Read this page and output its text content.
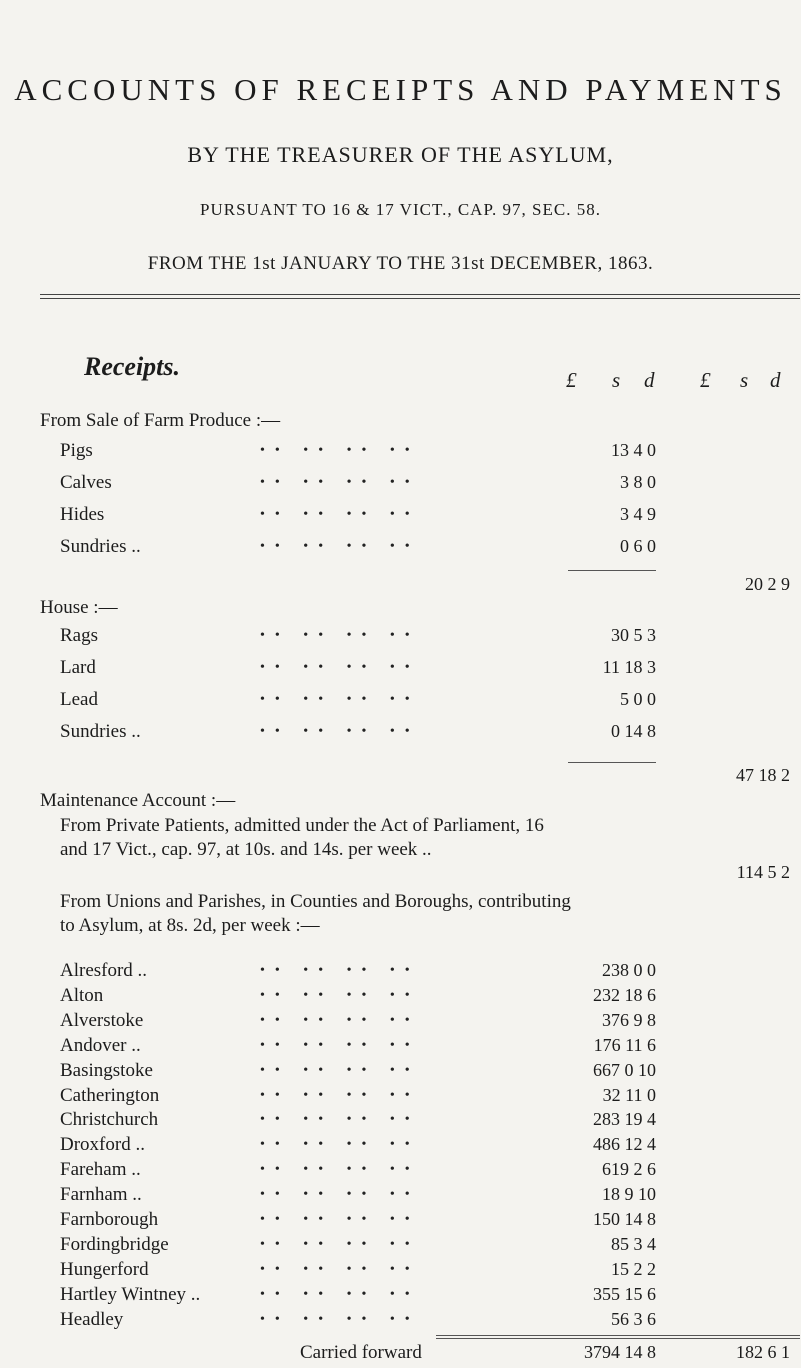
ACCOUNTS OF RECEIPTS AND PAYMENTS
BY THE TREASURER OF THE ASYLUM,
PURSUANT TO 16 & 17 VICT., CAP. 97, SEC. 58.
FROM THE 1st JANUARY TO THE 31st DECEMBER, 1863.
Receipts.	£ s d £ s d
From Sale of Farm Produce :—
Pigs	•• •• •• ••	13 4 0
Calves	•• •• •• ••	3 8 0
Hides	•• •• •• ••	3 4 9
Sundries ..	•• •• •• ••	0 6 0
20 2 9
House :—
Rags	•• •• •• ••	30 5 3
Lard	•• •• •• ••	11 18 3
Lead	•• •• •• ••	5 0 0
Sundries ..	•• •• •• ••	0 14 8
47 18 2
Maintenance Account :—
From Private Patients, admitted under the Act of Parliament, 16 and 17 Vict., cap. 97, at 10s. and 14s. per week ..
114 5 2
From Unions and Parishes, in Counties and Boroughs, contributing to Asylum, at 8s. 2d, per week :—
Alresford ..	•• •• •• ••	238 0 0
Alton	•• •• •• ••	232 18 6
Alverstoke	•• •• •• ••	376 9 8
Andover ..	•• •• •• ••	176 11 6
Basingstoke	•• •• •• ••	667 0 10
Catherington	•• •• •• ••	32 11 0
Christchurch	•• •• •• ••	283 19 4
Droxford ..	•• •• •• ••	486 12 4
Fareham ..	•• •• •• ••	619 2 6
Farnham ..	•• •• •• ••	18 9 10
Farnborough	•• •• •• ••	150 14 8
Fordingbridge	•• •• •• ••	85 3 4
Hungerford	•• •• •• ••	15 2 2
Hartley Wintney ..	•• •• •• ••	355 15 6
Headley	•• •• •• ••	56 3 6
Carried forward	3794 14 8	182 6 1
